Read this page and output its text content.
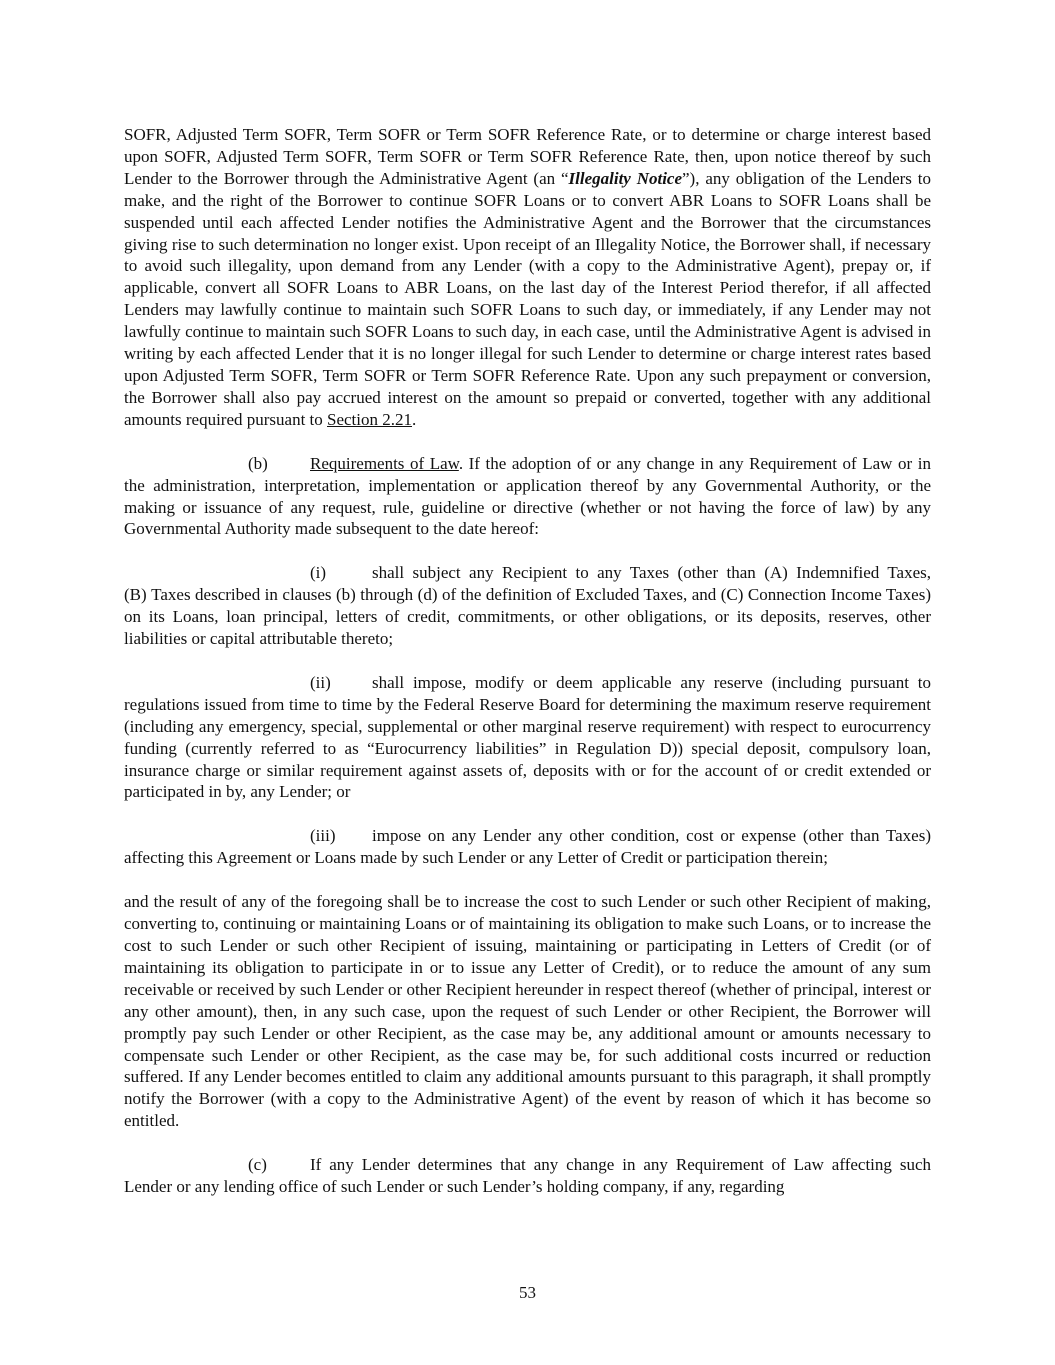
SOFR, Adjusted Term SOFR, Term SOFR or Term SOFR Reference Rate, or to determine or charge interest based upon SOFR, Adjusted Term SOFR, Term SOFR or Term SOFR Reference Rate, then, upon notice thereof by such Lender to the Borrower through the Administrative Agent (an “Illegality Notice”), any obligation of the Lenders to make, and the right of the Borrower to continue SOFR Loans or to convert ABR Loans to SOFR Loans shall be suspended until each affected Lender notifies the Administrative Agent and the Borrower that the circumstances giving rise to such determination no longer exist. Upon receipt of an Illegality Notice, the Borrower shall, if necessary to avoid such illegality, upon demand from any Lender (with a copy to the Administrative Agent), prepay or, if applicable, convert all SOFR Loans to ABR Loans, on the last day of the Interest Period therefor, if all affected Lenders may lawfully continue to maintain such SOFR Loans to such day, or immediately, if any Lender may not lawfully continue to maintain such SOFR Loans to such day, in each case, until the Administrative Agent is advised in writing by each affected Lender that it is no longer illegal for such Lender to determine or charge interest rates based upon Adjusted Term SOFR, Term SOFR or Term SOFR Reference Rate. Upon any such prepayment or conversion, the Borrower shall also pay accrued interest on the amount so prepaid or converted, together with any additional amounts required pursuant to Section 2.21.

(b) Requirements of Law. If the adoption of or any change in any Requirement of Law or in the administration, interpretation, implementation or application thereof by any Governmental Authority, or the making or issuance of any request, rule, guideline or directive (whether or not having the force of law) by any Governmental Authority made subsequent to the date hereof:

(i)	shall subject any Recipient to any Taxes (other than (A) Indemnified Taxes, (B) Taxes described in clauses (b) through (d) of the definition of Excluded Taxes, and (C) Connection Income Taxes) on its Loans, loan principal, letters of credit, commitments, or other obligations, or its deposits, reserves, other liabilities or capital attributable thereto;

(ii) shall impose, modify or deem applicable any reserve (including pursuant to regulations issued from time to time by the Federal Reserve Board for determining the maximum reserve requirement (including any emergency, special, supplemental or other marginal reserve requirement) with respect to eurocurrency funding (currently referred to as “Eurocurrency liabilities” in Regulation D)) special deposit, compulsory loan, insurance charge or similar requirement against assets of, deposits with or for the account of or credit extended or participated in by, any Lender; or

(iii) impose on any Lender any other condition, cost or expense (other than Taxes) affecting this Agreement or Loans made by such Lender or any Letter of Credit or participation therein;

and the result of any of the foregoing shall be to increase the cost to such Lender or such other Recipient of making, converting to, continuing or maintaining Loans or of maintaining its obligation to make such Loans, or to increase the cost to such Lender or such other Recipient of issuing, maintaining or participating in Letters of Credit (or of maintaining its obligation to participate in or to issue any Letter of Credit), or to reduce the amount of any sum receivable or received by such Lender or other Recipient hereunder in respect thereof (whether of principal, interest or any other amount), then, in any such case, upon the request of such Lender or other Recipient, the Borrower will promptly pay such Lender or other Recipient, as the case may be, any additional amount or amounts necessary to compensate such Lender or other Recipient, as the case may be, for such additional costs incurred or reduction suffered. If any Lender becomes entitled to claim any additional amounts pursuant to this paragraph, it shall promptly notify the Borrower (with a copy to the Administrative Agent) of the event by reason of which it has become so entitled.

(c)	If any Lender determines that any change in any Requirement of Law affecting such Lender or any lending office of such Lender or such Lender’s holding company, if any, regarding

53
